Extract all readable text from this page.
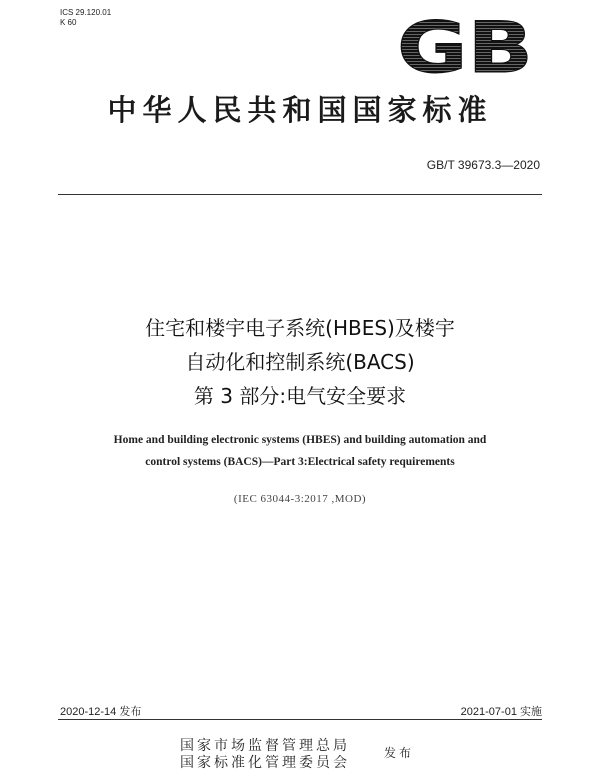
ICS 29.120.01
K 60	GB
中华人民共和国国家标准
GB/T 39673.3—2020
住宅和楼宇电子系统(HBES)及楼宇
自动化和控制系统(BACS)
第 3 部分:电气安全要求
Home and building electronic systems (HBES) and building automation and
control systems (BACS)—Part 3:Electrical safety requirements
(IEC 63044-3:2017 ,MOD)
2020-12-14 发布	2021-07-01 实施
国家市场监督管理总局
国家标准化管理委员会
发布
